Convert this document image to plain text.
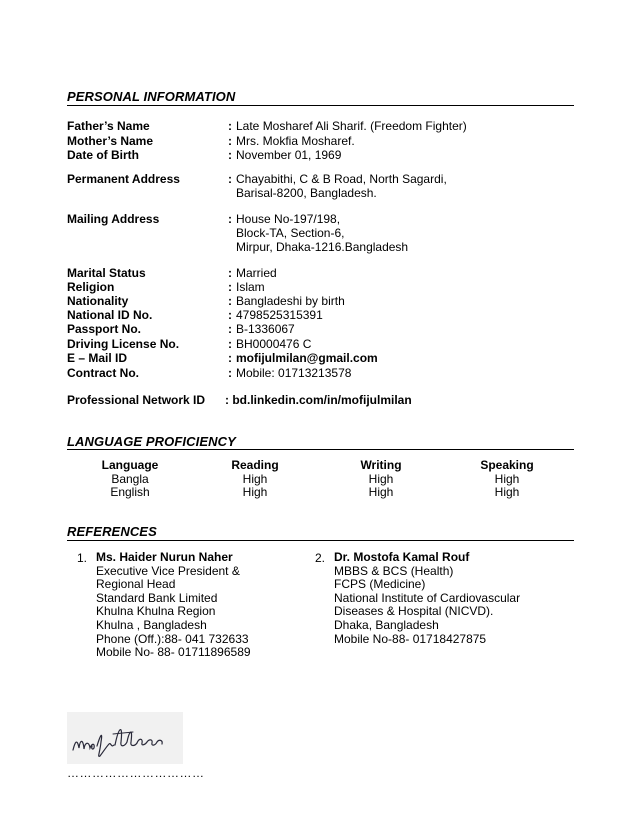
PERSONAL INFORMATION
Father’s Name	: Late Mosharef Ali Sharif. (Freedom Fighter)
Mother’s Name	: Mrs. Mokfia Mosharef.
Date of Birth	: November 01, 1969
Permanent Address	: Chayabithi, C & B Road, North Sagardi,
Barisal-8200, Bangladesh.
Mailing Address	: House No-197/198,
Block-TA, Section-6,
Mirpur, Dhaka-1216.Bangladesh
Marital Status	: Married
Religion	: Islam
Nationality	: Bangladeshi by birth
National ID No.	: 4798525315391
Passport No.	: B-1336067
Driving License No.	: BH0000476 C
E – Mail ID	: mofijulmilan@gmail.com
Contract No.	: Mobile: 01713213578
Professional Network ID : bd.linkedin.com/in/mofijulmilan
LANGUAGE PROFICIENCY
Language	Reading	Writing	Speaking
Bangla	High	High	High
English	High	High	High
REFERENCES
1. Ms. Haider Nurun Naher
Executive Vice President &
Regional Head
Standard Bank Limited
Khulna Khulna Region
Khulna , Bangladesh
Phone (Off.):88- 041 732633
Mobile No- 88- 01711896589
2. Dr. Mostofa Kamal Rouf
MBBS & BCS (Health)
FCPS (Medicine)
National Institute of Cardiovascular
Diseases & Hospital (NICVD).
Dhaka, Bangladesh
Mobile No-88- 01718427875
……………………………
